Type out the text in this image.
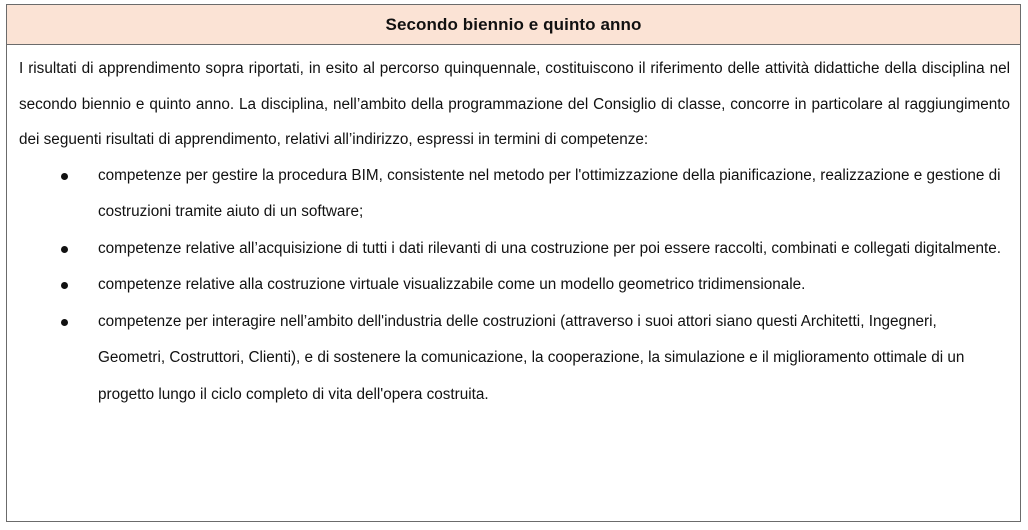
Secondo biennio e quinto anno

I risultati di apprendimento sopra riportati, in esito al percorso quinquennale, costituiscono il riferimento delle attività didattiche della disciplina nel secondo biennio e quinto anno. La disciplina, nell’ambito della programmazione del Consiglio di classe, concorre in particolare al raggiungimento dei seguenti risultati di apprendimento, relativi all’indirizzo, espressi in termini di competenze:

competenze per gestire la procedura BIM, consistente nel metodo per l'ottimizzazione della pianificazione, realizzazione e gestione di costruzioni tramite aiuto di un software;
competenze relative all’acquisizione di tutti i dati rilevanti di una costruzione per poi essere raccolti, combinati e collegati digitalmente.
competenze relative alla costruzione virtuale visualizzabile come un modello geometrico tridimensionale.
competenze per interagire nell’ambito dell'industria delle costruzioni (attraverso i suoi attori siano questi Architetti, Ingegneri, Geometri, Costruttori, Clienti), e di sostenere la comunicazione, la cooperazione, la simulazione e il miglioramento ottimale di un progetto lungo il ciclo completo di vita dell'opera costruita.
